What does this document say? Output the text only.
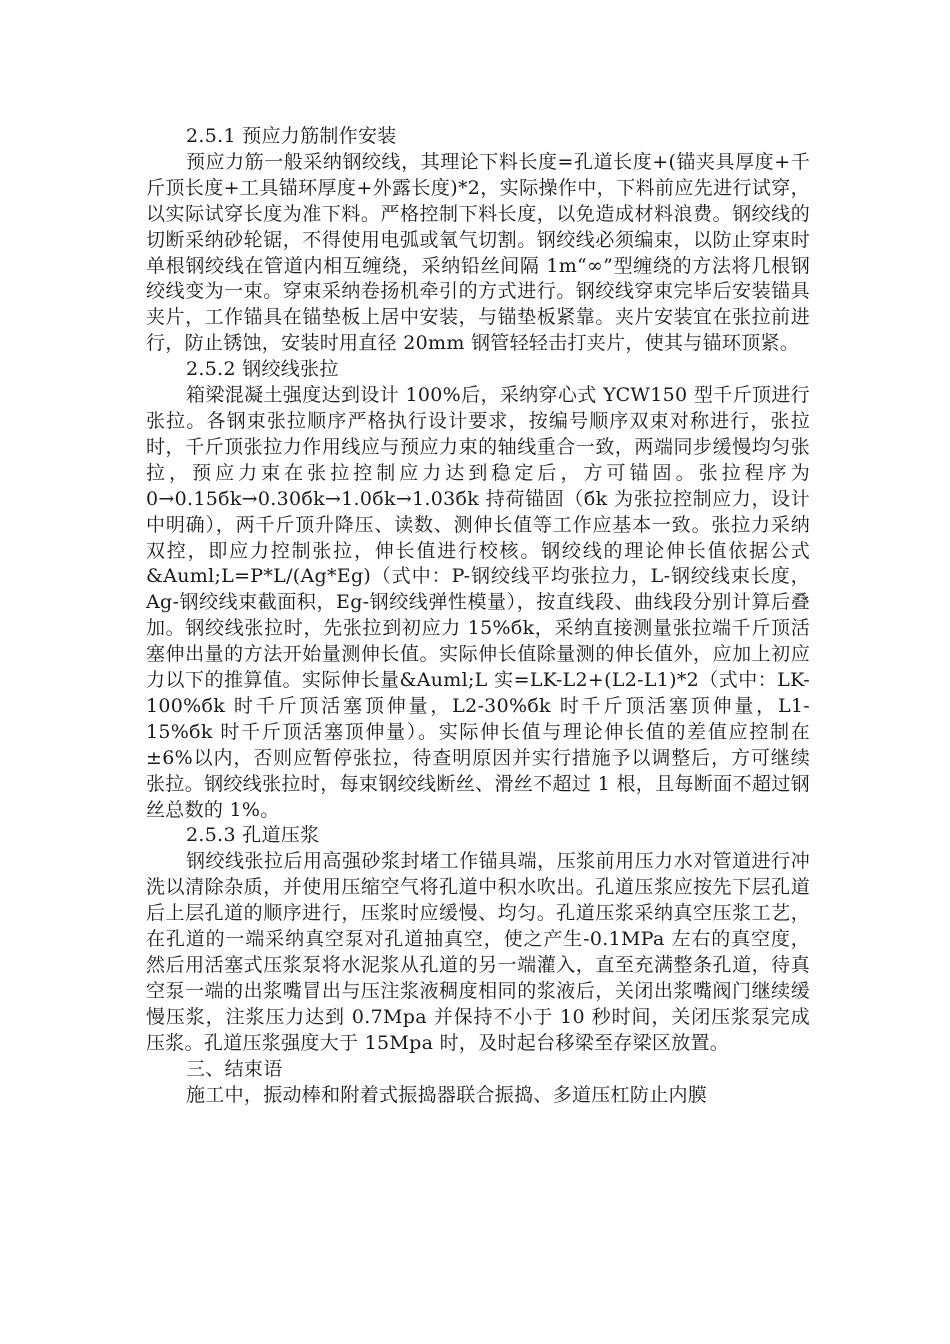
2.5.1 预应力筋制作安装

预应力筋一般采纳钢绞线，其理论下料长度=孔道长度+(锚夹具厚度+千斤顶长度+工具锚环厚度+外露长度)*2，实际操作中，下料前应先进行试穿，以实际试穿长度为准下料。严格控制下料长度，以免造成材料浪费。钢绞线的切断采纳砂轮锯，不得使用电弧或氧气切割。钢绞线必须编束，以防止穿束时单根钢绞线在管道内相互缠绕，采纳铅丝间隔 1m“∞”型缠绕的方法将几根钢绞线变为一束。穿束采纳卷扬机牵引的方式进行。钢绞线穿束完毕后安装锚具夹片，工作锚具在锚垫板上居中安装，与锚垫板紧靠。夹片安装宜在张拉前进行，防止锈蚀，安装时用直径 20mm 钢管轻轻击打夹片，使其与锚环顶紧。

2.5.2 钢绞线张拉

箱梁混凝土强度达到设计 100%后，采纳穿心式 YCW150 型千斤顶进行张拉。各钢束张拉顺序严格执行设计要求，按编号顺序双束对称进行，张拉时，千斤顶张拉力作用线应与预应力束的轴线重合一致，两端同步缓慢均匀张拉，预应力束在张拉控制应力达到稳定后，方可锚固。张拉程序为 0→0.15бk→0.30бk→1.0бk→1.03бk 持荷锚固（бk 为张拉控制应力，设计中明确），两千斤顶升降压、读数、测伸长值等工作应基本一致。张拉力采纳双控，即应力控制张拉，伸长值进行校核。钢绞线的理论伸长值依据公式&Auml;L=P*L/(Ag*Eg)（式中：P-钢绞线平均张拉力，L-钢绞线束长度，Ag-钢绞线束截面积，Eg-钢绞线弹性模量），按直线段、曲线段分别计算后叠加。钢绞线张拉时，先张拉到初应力 15%бk，采纳直接测量张拉端千斤顶活塞伸出量的方法开始量测伸长值。实际伸长值除量测的伸长值外，应加上初应力以下的推算值。实际伸长量&Auml;L 实=LK-L2+(L2-L1)*2（式中：LK-100%бk 时千斤顶活塞顶伸量，L2-30%бk 时千斤顶活塞顶伸量，L1-15%бk 时千斤顶活塞顶伸量）。实际伸长值与理论伸长值的差值应控制在±6%以内，否则应暂停张拉，待查明原因并实行措施予以调整后，方可继续张拉。钢绞线张拉时，每束钢绞线断丝、滑丝不超过 1 根，且每断面不超过钢丝总数的 1%。

2.5.3 孔道压浆

钢绞线张拉后用高强砂浆封堵工作锚具端，压浆前用压力水对管道进行冲洗以清除杂质，并使用压缩空气将孔道中积水吹出。孔道压浆应按先下层孔道后上层孔道的顺序进行，压浆时应缓慢、均匀。孔道压浆采纳真空压浆工艺，在孔道的一端采纳真空泵对孔道抽真空，使之产生-0.1MPa 左右的真空度，然后用活塞式压浆泵将水泥浆从孔道的另一端灌入，直至充满整条孔道，待真空泵一端的出浆嘴冒出与压注浆液稠度相同的浆液后，关闭出浆嘴阀门继续缓慢压浆，注浆压力达到 0.7Mpa 并保持不小于 10 秒时间，关闭压浆泵完成压浆。孔道压浆强度大于 15Mpa 时，及时起台移梁至存梁区放置。

三、结束语

施工中，振动棒和附着式振捣器联合振捣、多道压杠防止内膜
